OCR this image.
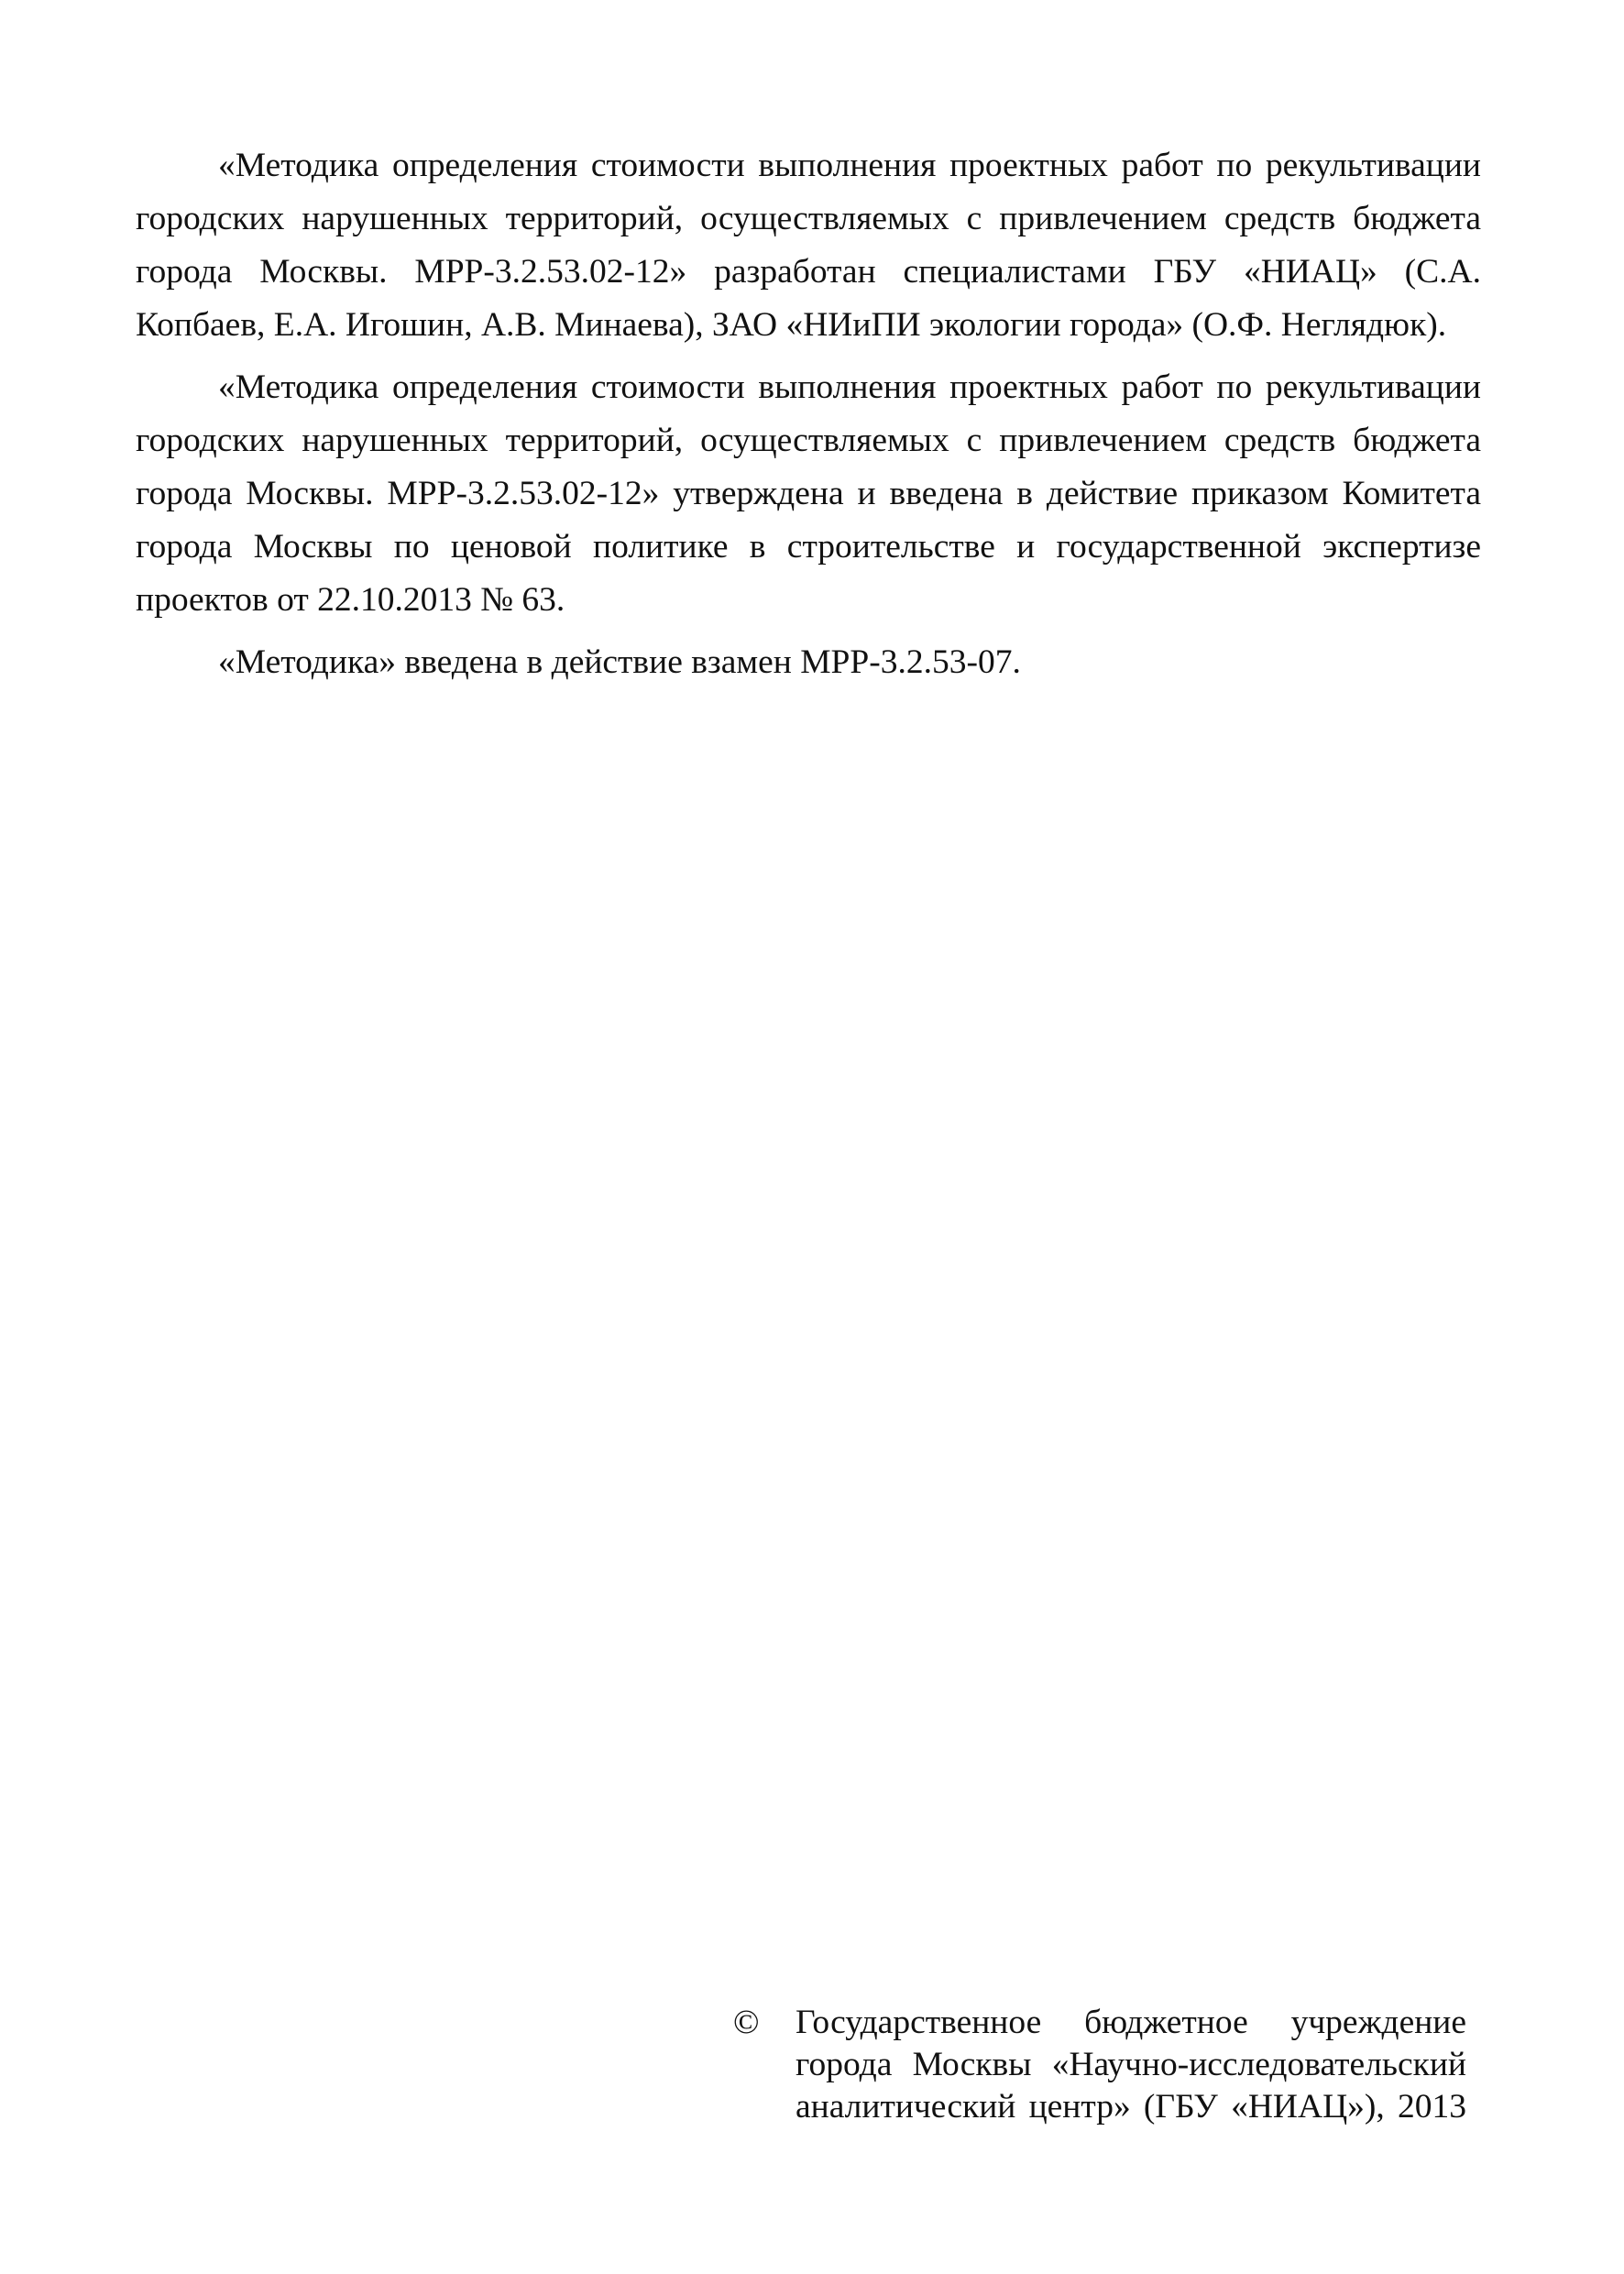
«Методика определения стоимости выполнения проектных работ по рекультивации городских нарушенных территорий, осуществляемых с привлечением средств бюджета города Москвы. МРР-3.2.53.02-12» разработан специалистами ГБУ «НИАЦ» (С.А. Копбаев, Е.А. Игошин, А.В. Минаева), ЗАО «НИиПИ экологии города» (О.Ф. Неглядюк).

«Методика определения стоимости выполнения проектных работ по рекультивации городских нарушенных территорий, осуществляемых с привлечением средств бюджета города Москвы. МРР-3.2.53.02-12» утверждена и введена в действие приказом Комитета города Москвы по ценовой политике в строительстве и государственной экспертизе проектов от 22.10.2013 № 63.

«Методика» введена в действие взамен МРР-3.2.53-07.

©	Государственное бюджетное учреждение
города Москвы «Научно-исследовательский
аналитический центр» (ГБУ «НИАЦ»), 2013
